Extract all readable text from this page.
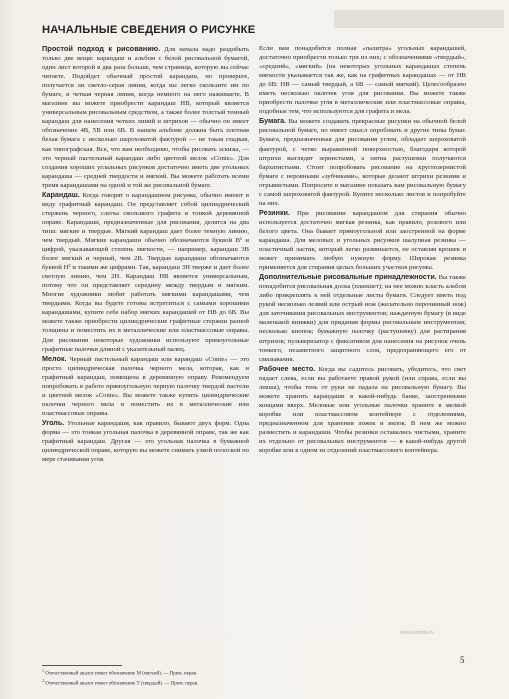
НАЧАЛЬНЫЕ СВЕДЕНИЯ О РИСУНКЕ

Простой подход к рисованию. Для начала надо раздобыть только две вещи: карандаш и альбом с белой рисовальной бумагой, один лист которой в два раза больше, чем страница, которую вы сейчас читаете. Подойдет обычный простой карандаш, но проверьте, получается ли светло-серая линия, когда вы легко скользите им по бумаге, и четкая черная линия, когда немного на него нажимаете. В магазине вы можете приобрести карандаш НВ, который является универсальным рисовальным средством, а также более толстый темный карандаш для нанесения четких линий и штрихов — обычно он имеет обозначение 4В, 5В или 6В. В нашем альбоме должна быть плотная белая бумага с несколько шероховатой фактурой — не такая гладкая, как типографская. Все, что вам необходимо, чтобы рисовать эскизы, — это черный пастельный карандаш либо цветной мелок «Conte». Для создания хороших углальных рисунков достаточно иметь две угольных карандаша — средней твердости и мягкий. Вы можете работать всеми тремя карандашами на одной и той же рисовальной бумаге.

Карандаш. Когда говорят о карандашном рисунке, обычно имеют в виду графитный карандаш. Он представляет собой цилиндрический стержень черного, слегка скользкого графита в тонкой деревянной оправе. Карандаши, предназначенные для рисования, делятся на два типа: мягкие и твердые. Мягкий карандаш дает более темную линию, чем твердый. Мягкие карандаши обычно обозначаются буквой В¹ и цифрой, указывающей степень мягкости, — например, карандаш 3В более мягкий и черный, чем 2В. Твердые карандаши обозначаются буквой Н² и такими же цифрами. Так, карандаш 3Н тверже и дает более светлую линию, чем 2Н. Карандаш НВ является универсальным, потому что он представляет середину между твердым и мягким. Многие художники любят работать мягкими карандашами, чем твердыми. Когда вы будете готовы встретиться с самыми хорошими карандашами, купите себе набор мягких карандашей от НВ до 6В. Вы можете также приобрести цилиндрические графитные стержни разной толщины и поместить их в металлические или пластмассовые оправы. Для рисования некоторые художники используют прямоугольные графитные палочки длиной с указательный палец.

Мелок. Черный пастельный карандаш или карандаш «Conte» — это просто цилиндрическая палочка черного мела, которая, как и графитный карандаш, помещена в деревянную оправу. Рекомендуем попробовать в работе прямоугольную черную палочку твердой пастели и цветной мелок «Conte». Вы можете также купить цилиндрические палочки черного мела и поместить их в металлические или пластмассовые оправы.

Уголь. Угольные карандаши, как правило, бывают двух форм. Одна форма — это тонкая угольная палочка в деревянной оправе, так же как графитный карандаш. Другая — это угольная палочка в бумажной цилиндрической оправе, которую вы можете снимать узкой полоской по мере стачивания угля.

Если вам понадобится полная «палитра» угольных карандашей, достаточно приобрести только три из них; с обозначениями «твердый», «средний», «мягкий» (на некоторых угольных карандашах степень мягкости указывается так же, как на графитных карандашах — от НВ до 6В: НВ — самый твердый, а 6В — самый мягкий). Целесообразно иметь несколько палочек угля для рисования. Вы можете также приобрести палочки угля в металлические или пластмассовые оправы, подобные тем, что используются для графита и мела.

Бумага. Вы можете создавать прекрасные рисунки на обычной белой рисовальной бумаге, но имеет смысл опробовать и другие типы бумаг. Бумага, предназначенная для рисования углем, обладает шероховатой фактурой, с четко выраженной поверхностью, благодаря которой штрихи выглядят зернистыми, а пятна растушевки получаются бархатистыми. Стоит попробовать рисование на круглозернистой бумаге с неровными «зубчиками», которые делают штрихи резкими и отрывистыми. Попросите в магазине показать вам рисовальную бумагу с самой шероховатой фактурой. Купите несколько листов и попробуйте на них.

Резинки. При рисовании карандашом для стирания обычно используется достаточно мягкая резинка, как правило, розового или белого цвета. Она бывает прямоугольной или заостренной на форме карандаша. Для меловых и угольных рисунков шалупная резинка — пластичный ластик, который легко разминается, не оставляя крошек и может принимать любую нужную форму. Широкая резинка применяется для стирания целых больших участков рисунка.

Дополнительные рисовальные принадлежности. Вы также понадобится рисовальная доска (планшет); на нее можно класть альбом либо прикреплять к ней отдельные листы бумаги. Следует иметь под рукой несколько лезвий или острый нож (желательно перочинный нож) для заточивания рисовальных инструментов; наждачную бумагу (в виде маленькой книжки) для придания формы рисовальным инструментам; несколько кнопок; бумажную палочку (растушевку) для растирания штрихов; пульверизатор с фиксативом для нанесения на рисунок очень тонкого, незаметного защитного слоя, предохраняющего его от смазывания.

Рабочее место. Когда вы садитесь рисовать, убедитесь, что свет падает слева, если вы работаете правой рукой (или справа, если вы левша), чтобы тень от руки не падала на рисовальную бумагу. Вы можете хранить карандаши в какой-нибудь банке, заостренными концами вверх. Меловые или угольные палочки храните в мелкой коробке или пластмассовом контейнере с отделениями, предназначенном для хранения ложек и вилок. В нем же можно разместить и карандаши. Чтобы резинки оставались чистыми, храните их отдельно от рисовальных инструментов — в какой-нибудь другой коробке или в одном из отделений пластмассового контейнера.

www.ludmila.ru
$^1$ Отечественный аналог имеет обозначение М (мягкий). — Прим. перев.
$^2$ Отечественный аналог имеет обозначение Т (твердый). — Прим. перев.
5
